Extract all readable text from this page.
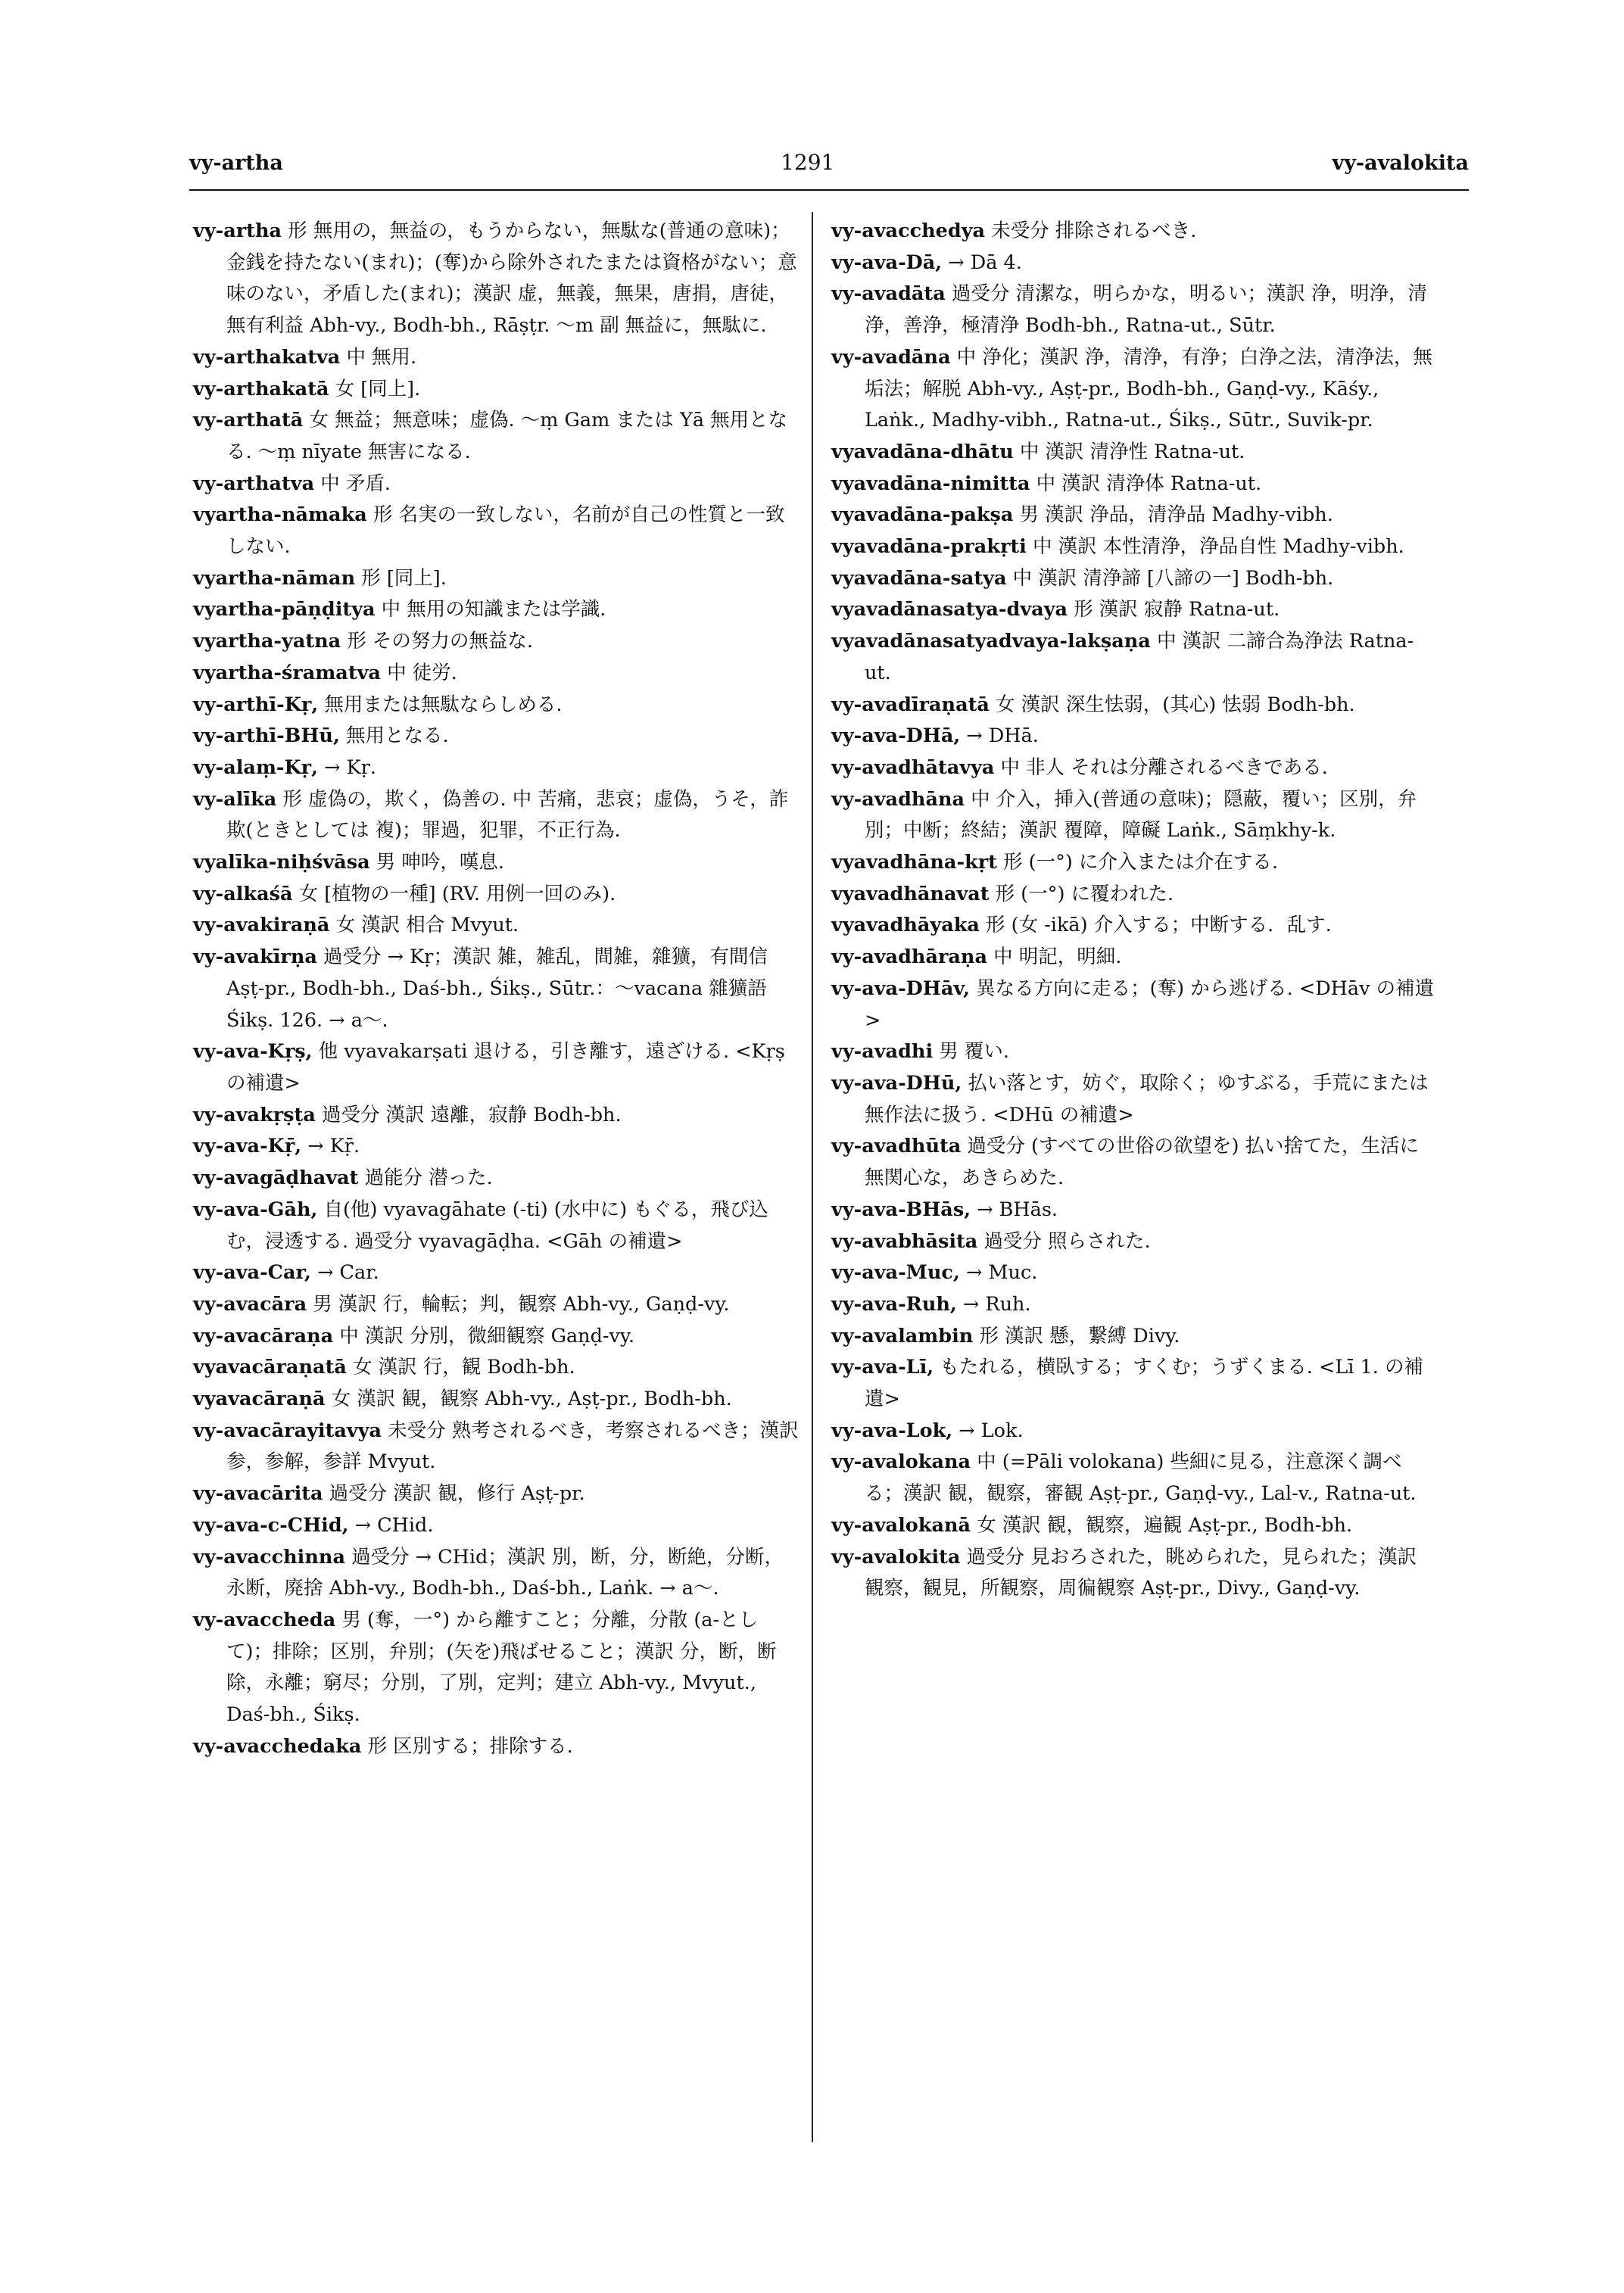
vy-artha	1291	vy-avalokita

vy-artha 形 無用の，無益の，もうからない，無駄な(普通の意味)；金銭を持たない(まれ)；(奪)から除外されたまたは資格がない；意味のない，矛盾した(まれ)；漢訳 虚，無義，無果，唐捐，唐徒，無有利益 Abh-vy., Bodh-bh., Rāṣṭr. ～m 副 無益に，無駄に.

vy-arthakatva 中 無用.

vy-arthakatā 女 [同上].

vy-arthatā 女 無益；無意味；虚偽. ～ṃ Gam または Yā 無用となる. ～ṃ nīyate 無害になる.

vy-arthatva 中 矛盾.

vyartha-nāmaka 形 名実の一致しない，名前が自己の性質と一致しない.

vyartha-nāman 形 [同上].

vyartha-pāṇḍitya 中 無用の知識または学識.

vyartha-yatna 形 その努力の無益な.

vyartha-śramatva 中 徒労.

vy-arthī-Kṛ, 無用または無駄ならしめる.

vy-arthī-BHū, 無用となる.

vy-alaṃ-Kṛ, → Kṛ.

vy-alīka 形 虚偽の，欺く，偽善の. 中 苦痛，悲哀；虚偽，うそ，詐欺(ときとしては 複)；罪過，犯罪，不正行為.

vyalīka-niḥśvāsa 男 呻吟，嘆息.

vy-alkaśā 女 [植物の一種] (RV. 用例一回のみ).

vy-avakiraṇā 女 漢訳 相合 Mvyut.

vy-avakīrṇa 過受分 → Kṛ；漢訳 雑，雑乱，間雑，雜獷，有間信 Aṣṭ-pr., Bodh-bh., Daś-bh., Śikṣ., Sūtr.：～vacana 雜獷語 Śikṣ. 126. → a～.

vy-ava-Kṛṣ, 他 vyavakarṣati 退ける，引き離す，遠ざける. <Kṛṣ の補遺>

vy-avakṛṣṭa 過受分 漢訳 遠離，寂静 Bodh-bh.

vy-ava-Kṝ, → Kṝ.

vy-avagāḍhavat 過能分 潜った.

vy-ava-Gāh, 自(他) vyavagāhate (-ti) (水中に) もぐる，飛び込む，浸透する. 過受分 vyavagāḍha. <Gāh の補遺>

vy-ava-Car, → Car.

vy-avacāra 男 漢訳 行，輪転；判，観察 Abh-vy., Gaṇḍ-vy.

vy-avacāraṇa 中 漢訳 分別，微細観察 Gaṇḍ-vy.

vyavacāraṇatā 女 漢訳 行，観 Bodh-bh.

vyavacāraṇā 女 漢訳 観，観察 Abh-vy., Aṣṭ-pr., Bodh-bh.

vy-avacārayitavya 未受分 熟考されるべき，考察されるべき；漢訳 参，参解，参詳 Mvyut.

vy-avacārita 過受分 漢訳 観，修行 Aṣṭ-pr.

vy-ava-c-CHid, → CHid.

vy-avacchinna 過受分 → CHid；漢訳 別，断，分，断絶，分断，永断，廃捨 Abh-vy., Bodh-bh., Daś-bh., Laṅk. → a～.

vy-avaccheda 男 (奪，一°) から離すこと；分離，分散 (a-として)；排除；区別，弁別；(矢を)飛ばせること；漢訳 分，断，断除，永離；窮尽；分別，了別，定判；建立 Abh-vy., Mvyut., Daś-bh., Śikṣ.

vy-avacchedaka 形 区別する；排除する.

vy-avacchedya 未受分 排除されるべき.

vy-ava-Dā, → Dā 4.

vy-avadāta 過受分 清潔な，明らかな，明るい；漢訳 浄，明浄，清浄，善浄，極清浄 Bodh-bh., Ratna-ut., Sūtr.

vy-avadāna 中 浄化；漢訳 浄，清浄，有浄；白浄之法，清浄法，無垢法；解脱 Abh-vy., Aṣṭ-pr., Bodh-bh., Gaṇḍ-vy., Kāśy., Laṅk., Madhy-vibh., Ratna-ut., Śikṣ., Sūtr., Suvik-pr.

vyavadāna-dhātu 中 漢訳 清浄性 Ratna-ut.

vyavadāna-nimitta 中 漢訳 清浄体 Ratna-ut.

vyavadāna-pakṣa 男 漢訳 浄品，清浄品 Madhy-vibh.

vyavadāna-prakṛti 中 漢訳 本性清浄，浄品自性 Madhy-vibh.

vyavadāna-satya 中 漢訳 清浄諦 [八諦の一] Bodh-bh.

vyavadānasatya-dvaya 形 漢訳 寂静 Ratna-ut.

vyavadānasatyadvaya-lakṣaṇa 中 漢訳 二諦合為浄法 Ratna-ut.

vy-avadīraṇatā 女 漢訳 深生怯弱，(其心) 怯弱 Bodh-bh.

vy-ava-DHā, → DHā.

vy-avadhātavya 中 非人 それは分離されるべきである.

vy-avadhāna 中 介入，挿入(普通の意味)；隠蔽，覆い；区別，弁別；中断；終結；漢訳 覆障，障礙 Laṅk., Sāṃkhy-k.

vyavadhāna-kṛt 形 (一°) に介入または介在する.

vyavadhānavat 形 (一°) に覆われた.

vyavadhāyaka 形 (女 -ikā) 介入する；中断する．乱す.

vy-avadhāraṇa 中 明記，明細.

vy-ava-DHāv, 異なる方向に走る；(奪) から逃げる. <DHāv の補遺>

vy-avadhi 男 覆い.

vy-ava-DHū, 払い落とす，妨ぐ，取除く；ゆすぶる，手荒にまたは無作法に扱う. <DHū の補遺>

vy-avadhūta 過受分 (すべての世俗の欲望を) 払い捨てた，生活に無関心な，あきらめた.

vy-ava-BHās, → BHās.

vy-avabhāsita 過受分 照らされた.

vy-ava-Muc, → Muc.

vy-ava-Ruh, → Ruh.

vy-avalambin 形 漢訳 懸，繋縛 Divy.

vy-ava-Lī, もたれる，横臥する；すくむ；うずくまる. <Lī 1. の補遺>

vy-ava-Lok, → Lok.

vy-avalokana 中 (=Pāli volokana) 些細に見る，注意深く調べる；漢訳 観，観察，審観 Aṣṭ-pr., Gaṇḍ-vy., Lal-v., Ratna-ut.

vy-avalokanā 女 漢訳 観，観察，遍観 Aṣṭ-pr., Bodh-bh.

vy-avalokita 過受分 見おろされた，眺められた，見られた；漢訳 観察，観見，所観察，周徧観察 Aṣṭ-pr., Divy., Gaṇḍ-vy.
